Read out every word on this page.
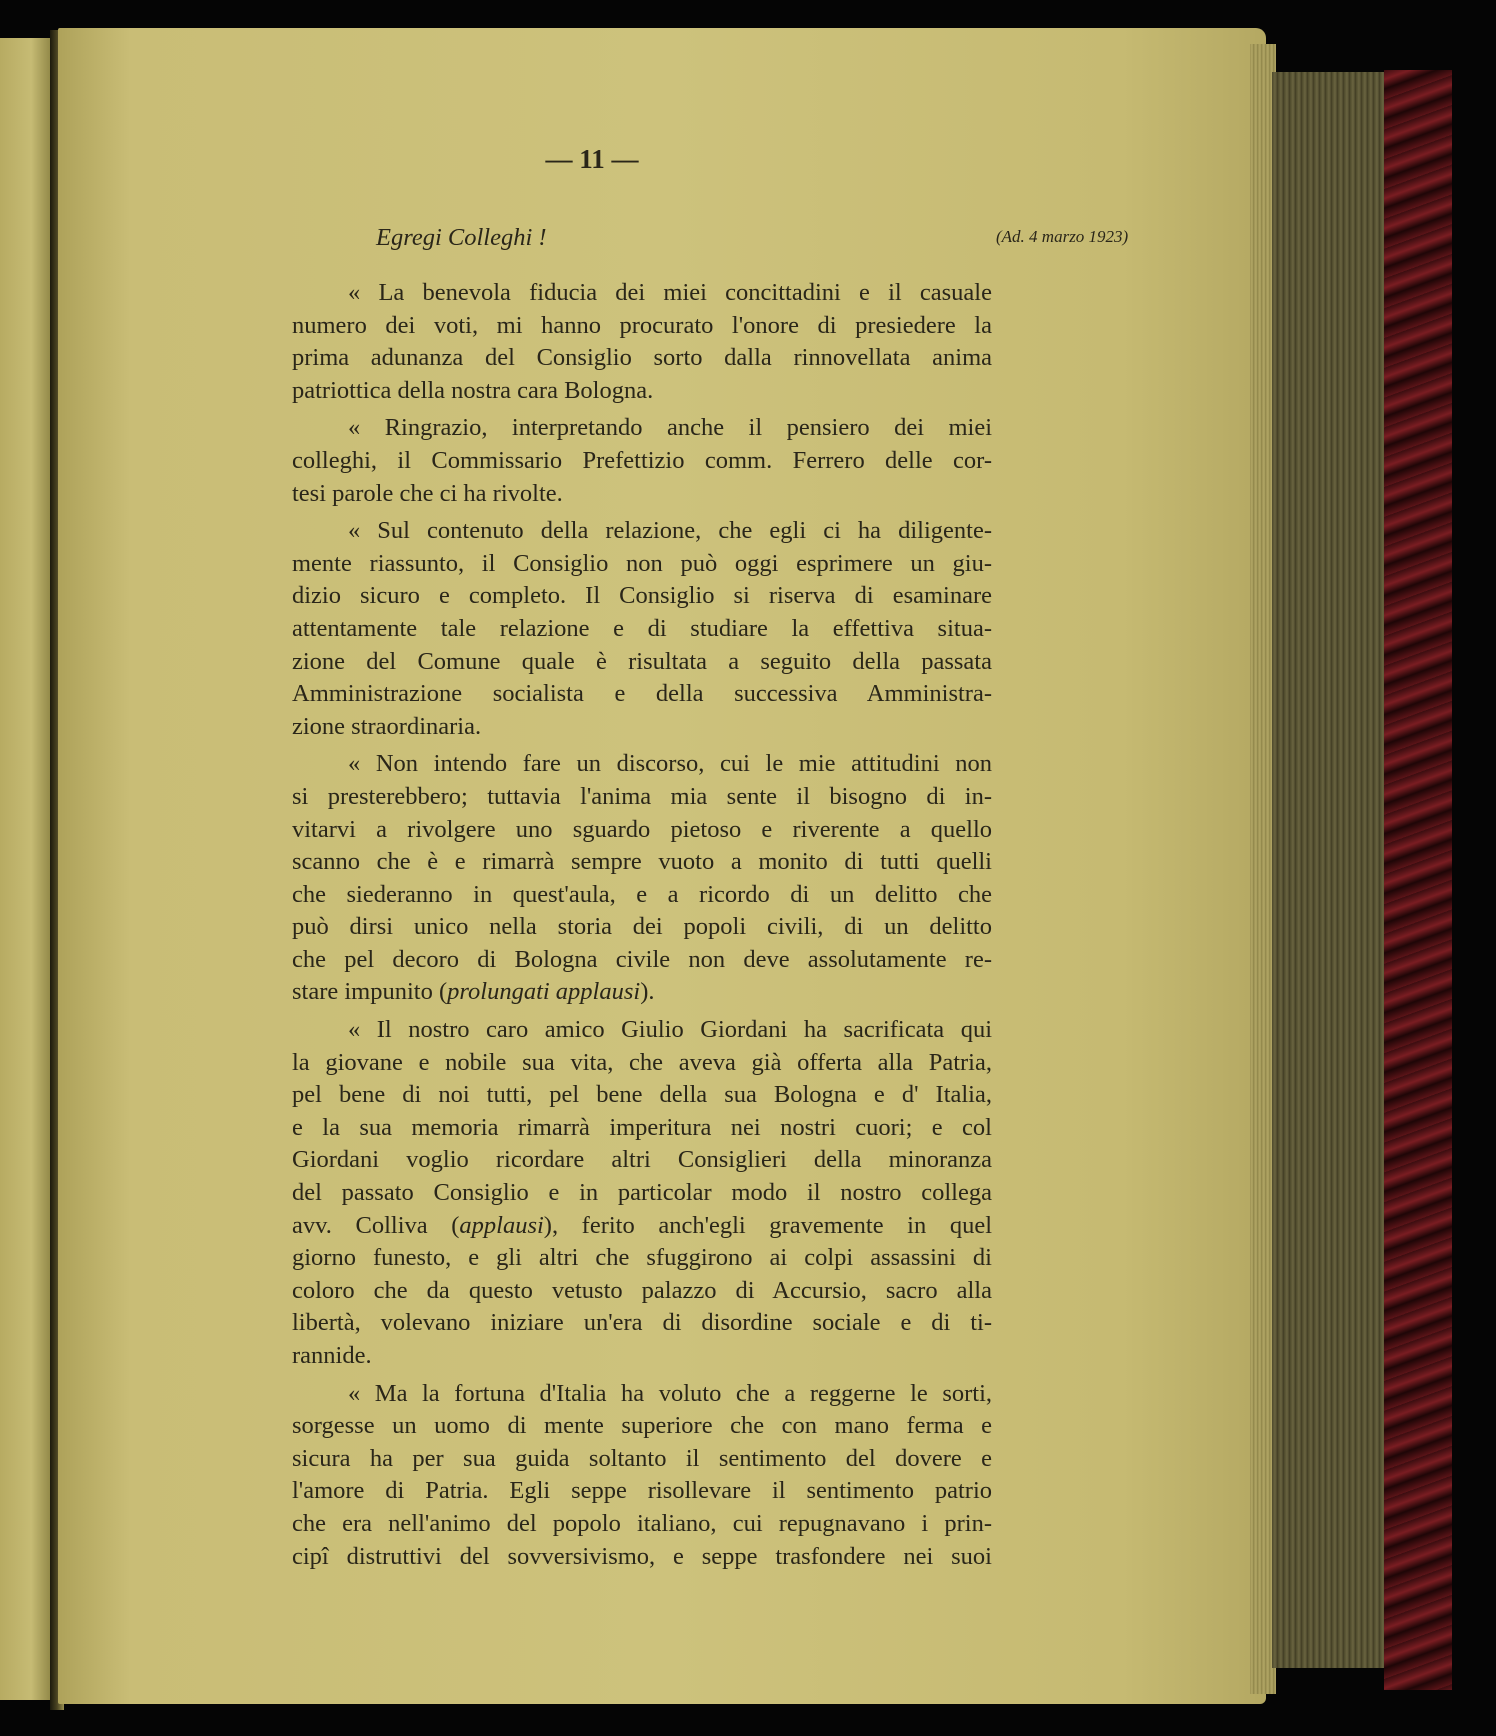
— 11 —
Egregi Colleghi !	(Ad. 4 marzo 1923)
« La benevola fiducia dei miei concittadini e il casuale
numero dei voti, mi hanno procurato l'onore di presiedere la
prima adunanza del Consiglio sorto dalla rinnovellata anima
patriottica della nostra cara Bologna.
« Ringrazio, interpretando anche il pensiero dei miei
colleghi, il Commissario Prefettizio comm. Ferrero delle cor-
tesi parole che ci ha rivolte.
« Sul contenuto della relazione, che egli ci ha diligente-
mente riassunto, il Consiglio non può oggi esprimere un giu-
dizio sicuro e completo. Il Consiglio si riserva di esaminare
attentamente tale relazione e di studiare la effettiva situa-
zione del Comune quale è risultata a seguito della passata
Amministrazione socialista e della successiva Amministra-
zione straordinaria.
« Non intendo fare un discorso, cui le mie attitudini non
si presterebbero; tuttavia l'anima mia sente il bisogno di in-
vitarvi a rivolgere uno sguardo pietoso e riverente a quello
scanno che è e rimarrà sempre vuoto a monito di tutti quelli
che siederanno in quest'aula, e a ricordo di un delitto che
può dirsi unico nella storia dei popoli civili, di un delitto
che pel decoro di Bologna civile non deve assolutamente re-
stare impunito (prolungati applausi).
« Il nostro caro amico Giulio Giordani ha sacrificata qui
la giovane e nobile sua vita, che aveva già offerta alla Patria,
pel bene di noi tutti, pel bene della sua Bologna e d' Italia,
e la sua memoria rimarrà imperitura nei nostri cuori; e col
Giordani voglio ricordare altri Consiglieri della minoranza
del passato Consiglio e in particolar modo il nostro collega
avv. Colliva (applausi), ferito anch'egli gravemente in quel
giorno funesto, e gli altri che sfuggirono ai colpi assassini di
coloro che da questo vetusto palazzo di Accursio, sacro alla
libertà, volevano iniziare un'era di disordine sociale e di ti-
rannide.
« Ma la fortuna d'Italia ha voluto che a reggerne le sorti,
sorgesse un uomo di mente superiore che con mano ferma e
sicura ha per sua guida soltanto il sentimento del dovere e
l'amore di Patria. Egli seppe risollevare il sentimento patrio
che era nell'animo del popolo italiano, cui repugnavano i prin-
cipî distruttivi del sovversivismo, e seppe trasfondere nei suoi
